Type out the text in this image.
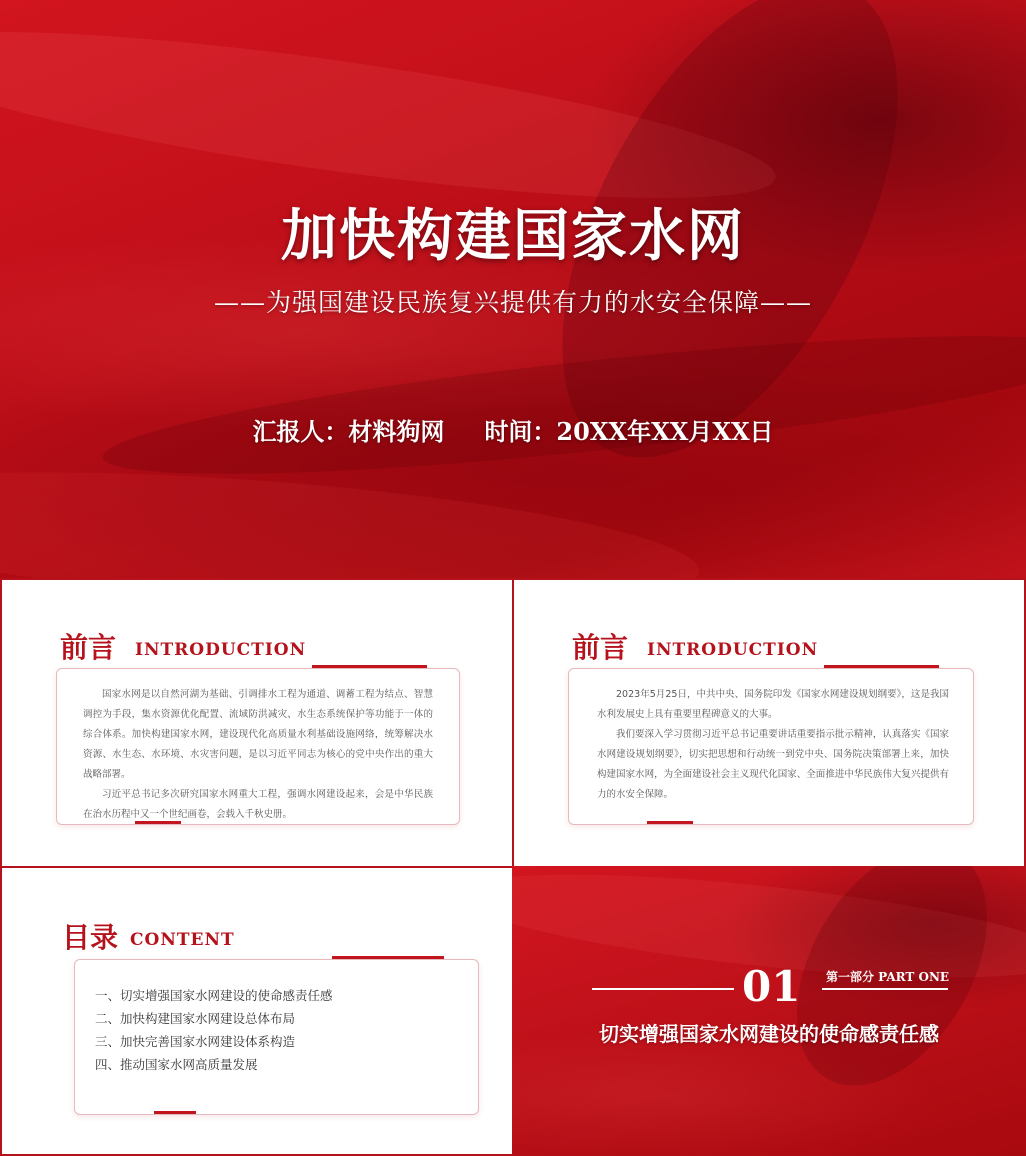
加快构建国家水网
——为强国建设民族复兴提供有力的水安全保障——
汇报人：材料狗网 时间：20XX年XX月XX日
前言 INTRODUCTION

国家水网是以自然河湖为基础、引调排水工程为通道、调蓄工程为结点、智慧调控为手段，集水资源优化配置、流域防洪减灾、水生态系统保护等功能于一体的综合体系。加快构建国家水网，建设现代化高质量水利基础设施网络，统筹解决水资源、水生态、水环境、水灾害问题，是以习近平同志为核心的党中央作出的重大战略部署。

习近平总书记多次研究国家水网重大工程，强调水网建设起来，会是中华民族在治水历程中又一个世纪画卷，会载入千秋史册。

前言 INTRODUCTION

2023年5月25日，中共中央、国务院印发《国家水网建设规划纲要》，这是我国水利发展史上具有重要里程碑意义的大事。

我们要深入学习贯彻习近平总书记重要讲话重要指示批示精神，认真落实《国家水网建设规划纲要》，切实把思想和行动统一到党中央、国务院决策部署上来，加快构建国家水网，为全面建设社会主义现代化国家、全面推进中华民族伟大复兴提供有力的水安全保障。

目录 CONTENT
一、切实增强国家水网建设的使命感责任感
二、加快构建国家水网建设总体布局
三、加快完善国家水网建设体系构造
四、推动国家水网高质量发展
01 第一部分 PART ONE
切实增强国家水网建设的使命感责任感
